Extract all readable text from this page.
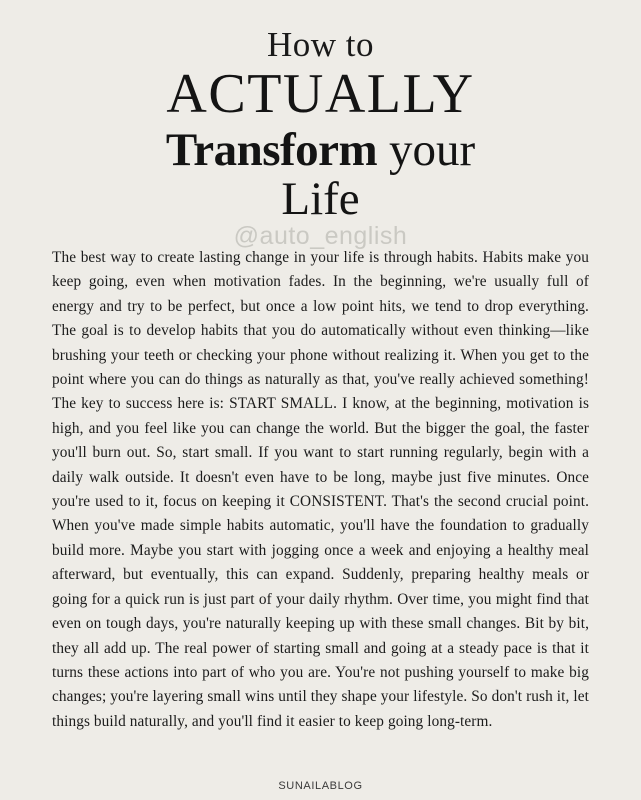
How to
ACTUALLY
Transform your
Life
@auto_english
The best way to create lasting change in your life is through habits. Habits make you keep going, even when motivation fades. In the beginning, we're usually full of energy and try to be perfect, but once a low point hits, we tend to drop everything. The goal is to develop habits that you do automatically without even thinking—like brushing your teeth or checking your phone without realizing it. When you get to the point where you can do things as naturally as that, you've really achieved something! The key to success here is: START SMALL. I know, at the beginning, motivation is high, and you feel like you can change the world. But the bigger the goal, the faster you'll burn out. So, start small. If you want to start running regularly, begin with a daily walk outside. It doesn't even have to be long, maybe just five minutes. Once you're used to it, focus on keeping it CONSISTENT. That's the second crucial point. When you've made simple habits automatic, you'll have the foundation to gradually build more. Maybe you start with jogging once a week and enjoying a healthy meal afterward, but eventually, this can expand. Suddenly, preparing healthy meals or going for a quick run is just part of your daily rhythm. Over time, you might find that even on tough days, you're naturally keeping up with these small changes. Bit by bit, they all add up. The real power of starting small and going at a steady pace is that it turns these actions into part of who you are. You're not pushing yourself to make big changes; you're layering small wins until they shape your lifestyle. So don't rush it, let things build naturally, and you'll find it easier to keep going long-term.
SUNAILABLOG
